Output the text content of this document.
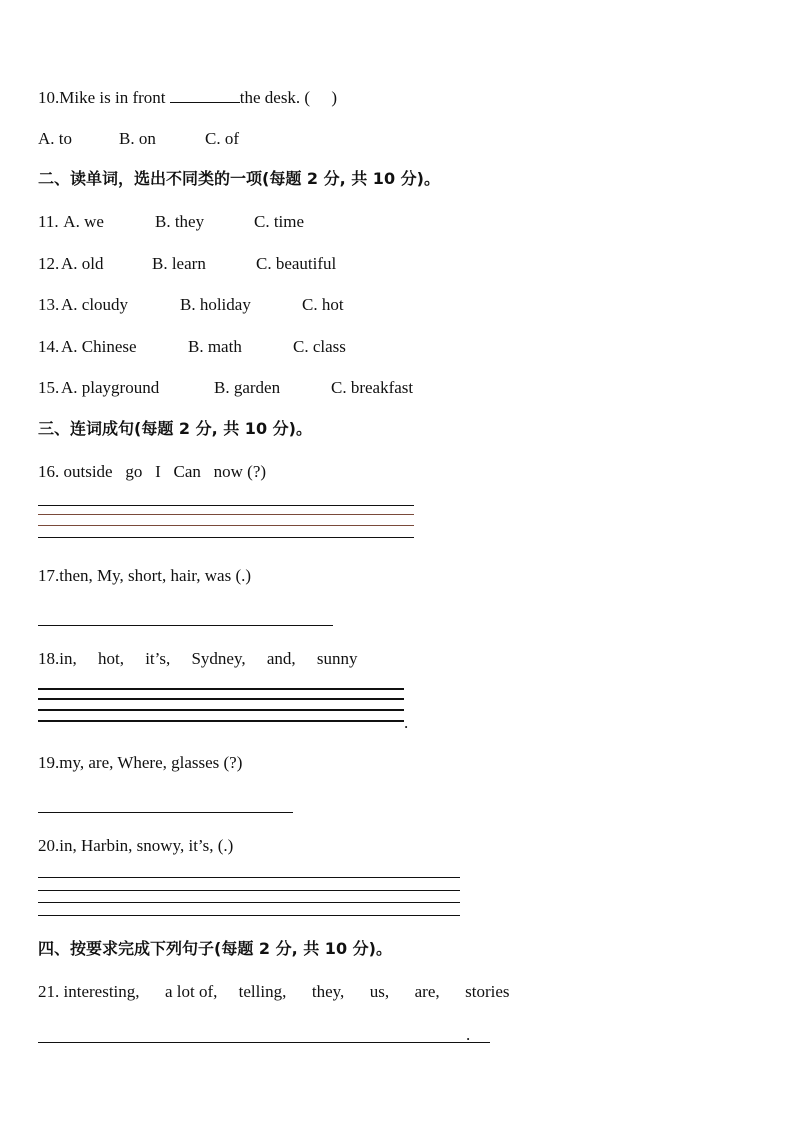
10.Mike is in front	the desk. (     )
A. to	B. on	C. of
二、读单词，选出不同类的一项(每题 2 分, 共 10 分)。
11. A. we	B. they	C. time
12. A. old	B. learn	C. beautiful
13. A. cloudy	B. holiday	C. hot
14. A. Chinese	B. math	C. class
15. A. playground	B. garden	C. breakfast
三、连词成句(每题 2 分, 共 10 分)。
16. outside   go   I   Can   now (?)
17.then, My, short, hair, was (.)
18.in,     hot,     it’s,     Sydney,     and,     sunny
.
19.my, are, Where, glasses (?)
20.in, Harbin, snowy, it’s, (.)
四、按要求完成下列句子(每题 2 分, 共 10 分)。
21. interesting,      a lot of,     telling,      they,      us,      are,      stories
.
